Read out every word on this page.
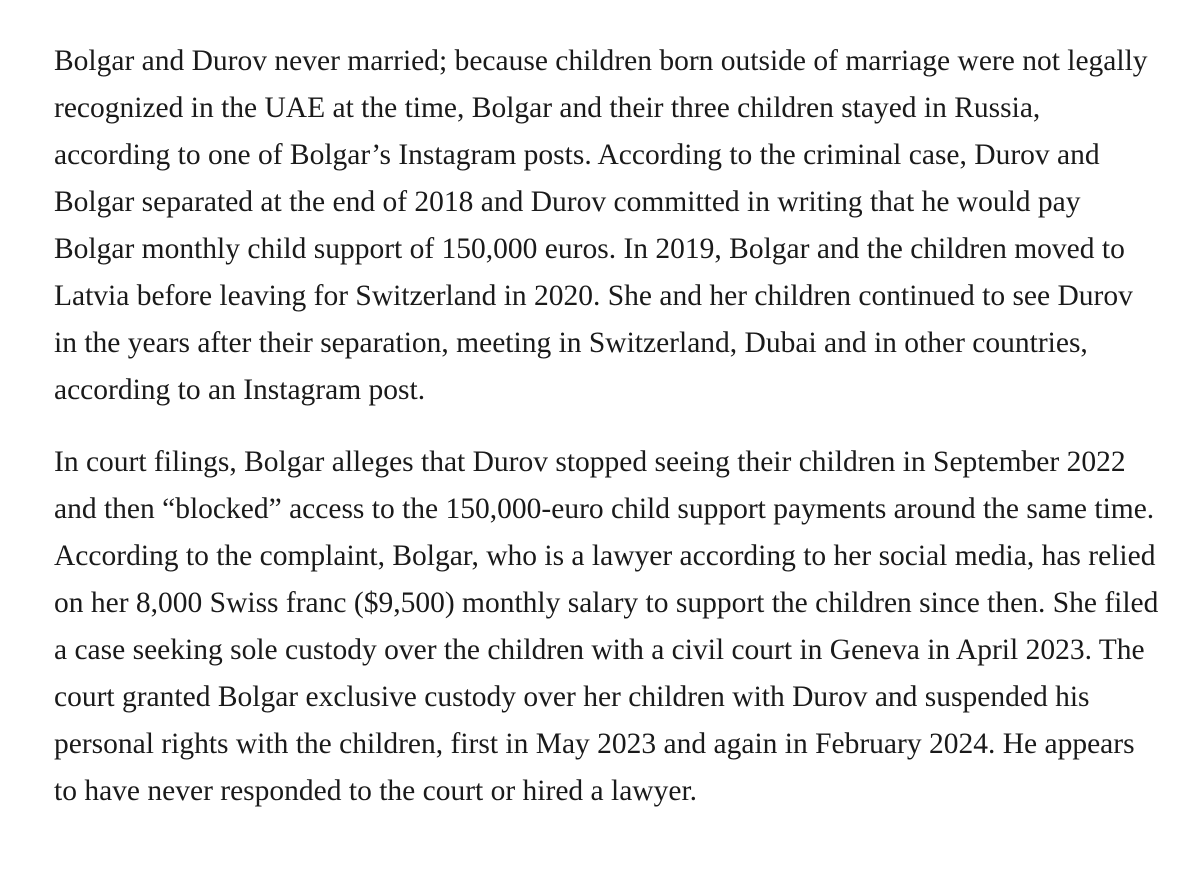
Bolgar and Durov never married; because children born outside of marriage were not legally recognized in the UAE at the time, Bolgar and their three children stayed in Russia, according to one of Bolgar’s Instagram posts. According to the criminal case, Durov and Bolgar separated at the end of 2018 and Durov committed in writing that he would pay Bolgar monthly child support of 150,000 euros. In 2019, Bolgar and the children moved to Latvia before leaving for Switzerland in 2020. She and her children continued to see Durov in the years after their separation, meeting in Switzerland, Dubai and in other countries, according to an Instagram post.

In court filings, Bolgar alleges that Durov stopped seeing their children in September 2022 and then “blocked” access to the 150,000-euro child support payments around the same time. According to the complaint, Bolgar, who is a lawyer according to her social media, has relied on her 8,000 Swiss franc ($9,500) monthly salary to support the children since then. She filed a case seeking sole custody over the children with a civil court in Geneva in April 2023. The court granted Bolgar exclusive custody over her children with Durov and suspended his personal rights with the children, first in May 2023 and again in February 2024. He appears to have never responded to the court or hired a lawyer.
